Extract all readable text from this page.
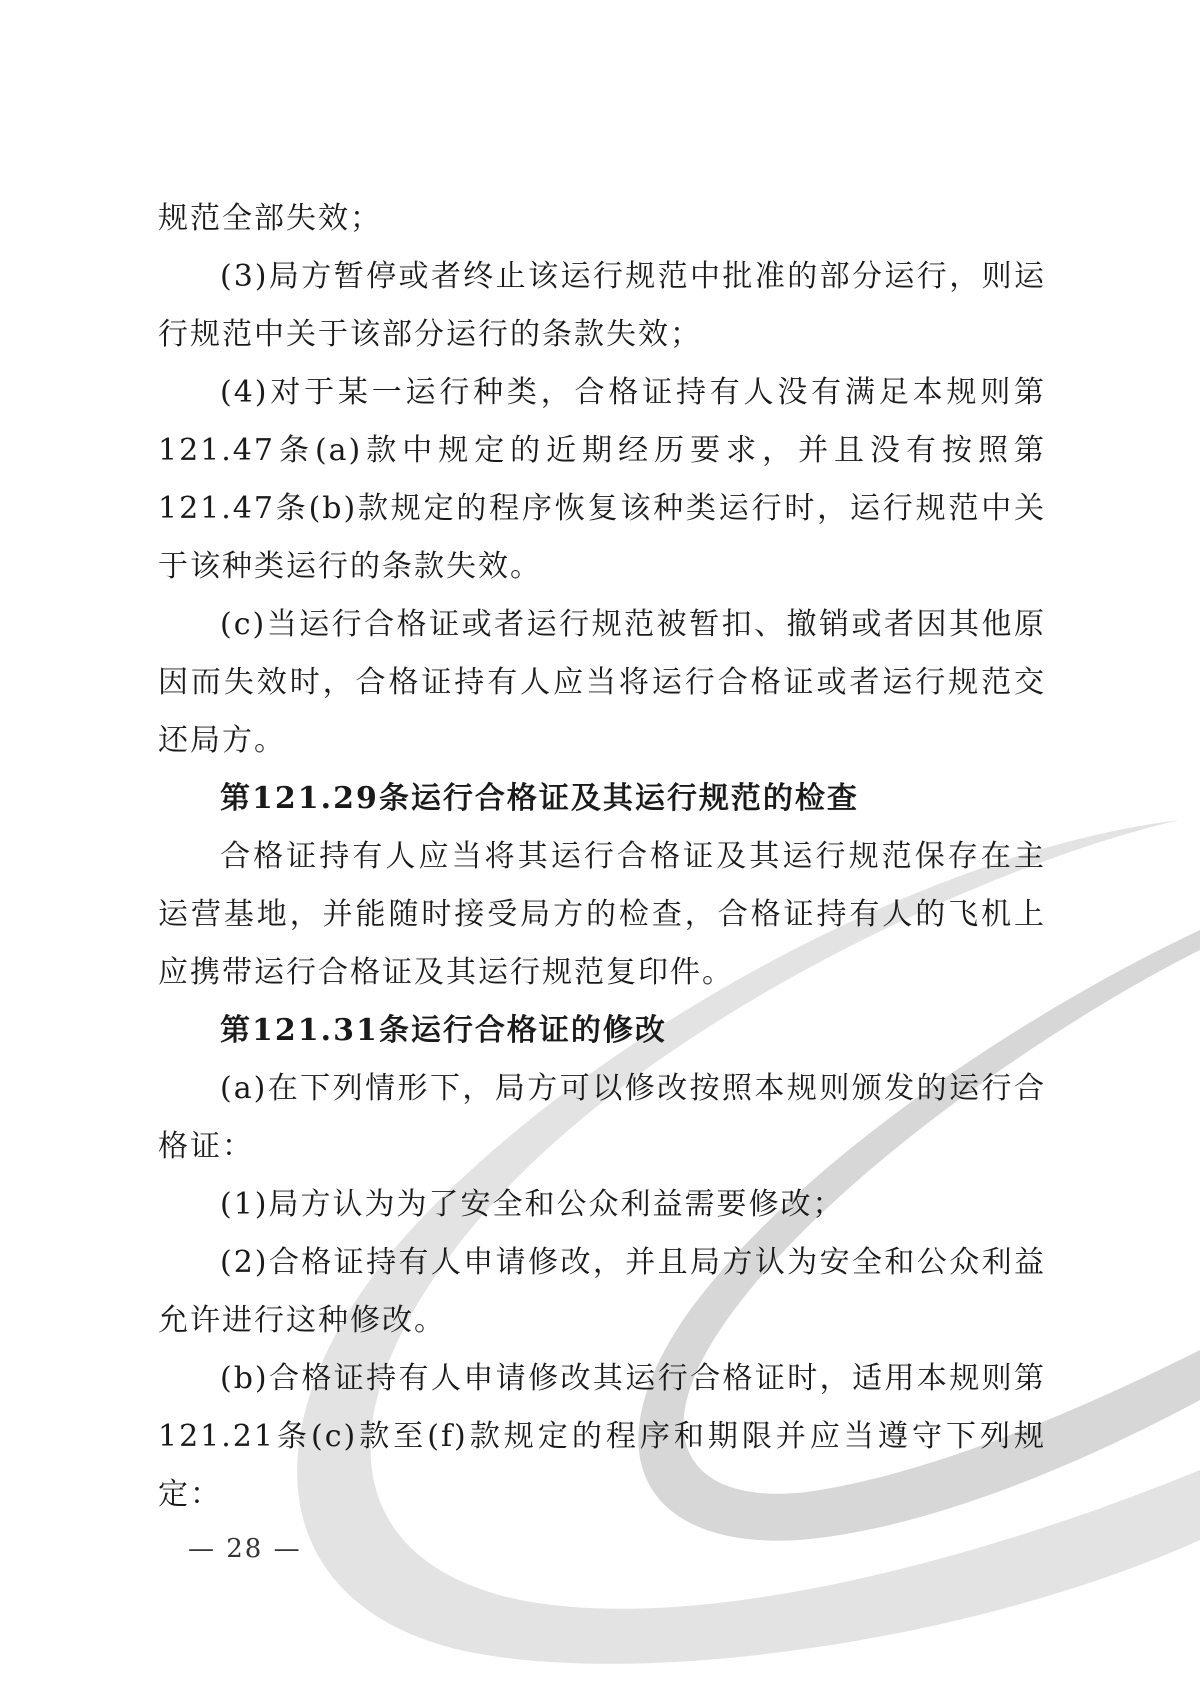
规范全部失效；

(3)局方暂停或者终止该运行规范中批准的部分运行，则运行规范中关于该部分运行的条款失效；

(4)对于某一运行种类，合格证持有人没有满足本规则第121.47条(a)款中规定的近期经历要求，并且没有按照第121.47条(b)款规定的程序恢复该种类运行时，运行规范中关于该种类运行的条款失效。

(c)当运行合格证或者运行规范被暂扣、撤销或者因其他原因而失效时，合格证持有人应当将运行合格证或者运行规范交还局方。

第121.29条运行合格证及其运行规范的检查

合格证持有人应当将其运行合格证及其运行规范保存在主运营基地，并能随时接受局方的检查，合格证持有人的飞机上应携带运行合格证及其运行规范复印件。

第121.31条运行合格证的修改

(a)在下列情形下，局方可以修改按照本规则颁发的运行合格证：

(1)局方认为为了安全和公众利益需要修改；

(2)合格证持有人申请修改，并且局方认为安全和公众利益允许进行这种修改。

(b)合格证持有人申请修改其运行合格证时，适用本规则第121.21条(c)款至(f)款规定的程序和期限并应当遵守下列规定：

— 28 —
